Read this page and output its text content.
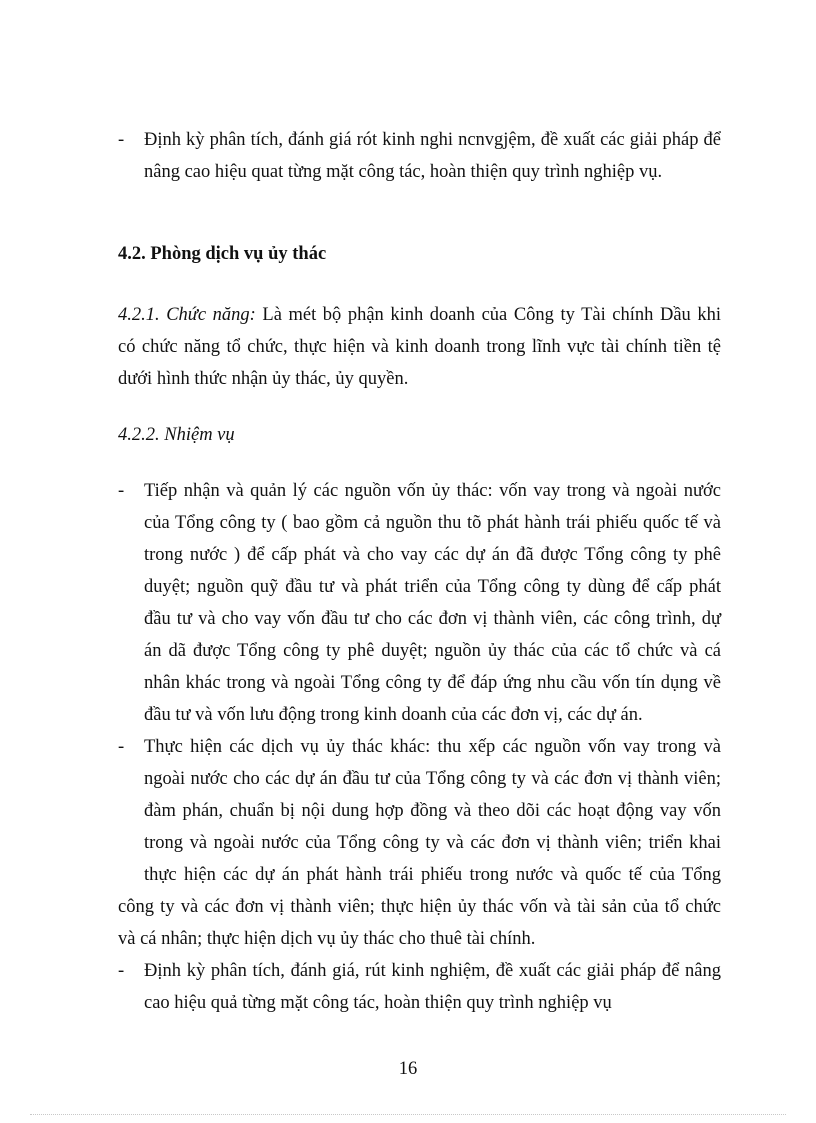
-	Định kỳ phân tích, đánh giá rót kinh nghi ncnvgjệm, đề xuất các giải pháp để
nâng cao hiệu quat từng mặt công tác, hoàn thiện quy trình nghiệp vụ.
4.2. Phòng dịch vụ ủy thác
4.2.1. Chức năng: Là mét bộ phận kinh doanh của Công ty Tài chính Dầu khi
có chức năng tổ chức, thực hiện và kinh doanh trong lĩnh vực tài chính tiền tệ
dưới hình thức nhận ủy thác, ủy quyền.
4.2.2. Nhiệm vụ
-	Tiếp nhận và quản lý các nguồn vốn ủy thác: vốn vay trong và ngoài nước
của Tổng công ty ( bao gồm cả nguồn thu tõ phát hành trái phiếu quốc tế và
trong nước ) để cấp phát và cho vay các dự án đã được Tổng công ty phê
duyệt; nguồn quỹ đầu tư và phát triển của Tổng công ty dùng để cấp phát
đầu tư và cho vay vốn đầu tư cho các đơn vị thành viên, các công trình, dự
án dã được Tổng công ty phê duyệt; nguồn ủy thác của các tổ chức và cá
nhân khác trong và ngoài Tổng công ty để đáp ứng nhu cầu vốn tín dụng về
đầu tư và vốn lưu động trong kinh doanh của các đơn vị, các dự án.
-	Thực hiện các dịch vụ ủy thác khác: thu xếp các nguồn vốn vay trong và
ngoài nước cho các dự án đầu tư của Tổng công ty và các đơn vị thành viên;
đàm phán, chuẩn bị nội dung hợp đồng và theo dõi các hoạt động vay vốn
trong và ngoài nước của Tổng công ty và các đơn vị thành viên; triển khai
thực hiện các dự án phát hành trái phiếu trong nước và quốc tế của Tổng
công ty và các đơn vị thành viên; thực hiện ủy thác vốn và tài sản của tổ chức
và cá nhân; thực hiện dịch vụ ủy thác cho thuê tài chính.
-	Định kỳ phân tích, đánh giá, rút kinh nghiệm, đề xuất các giải pháp để nâng
cao hiệu quả từng mặt công tác, hoàn thiện quy trình nghiệp vụ
16
